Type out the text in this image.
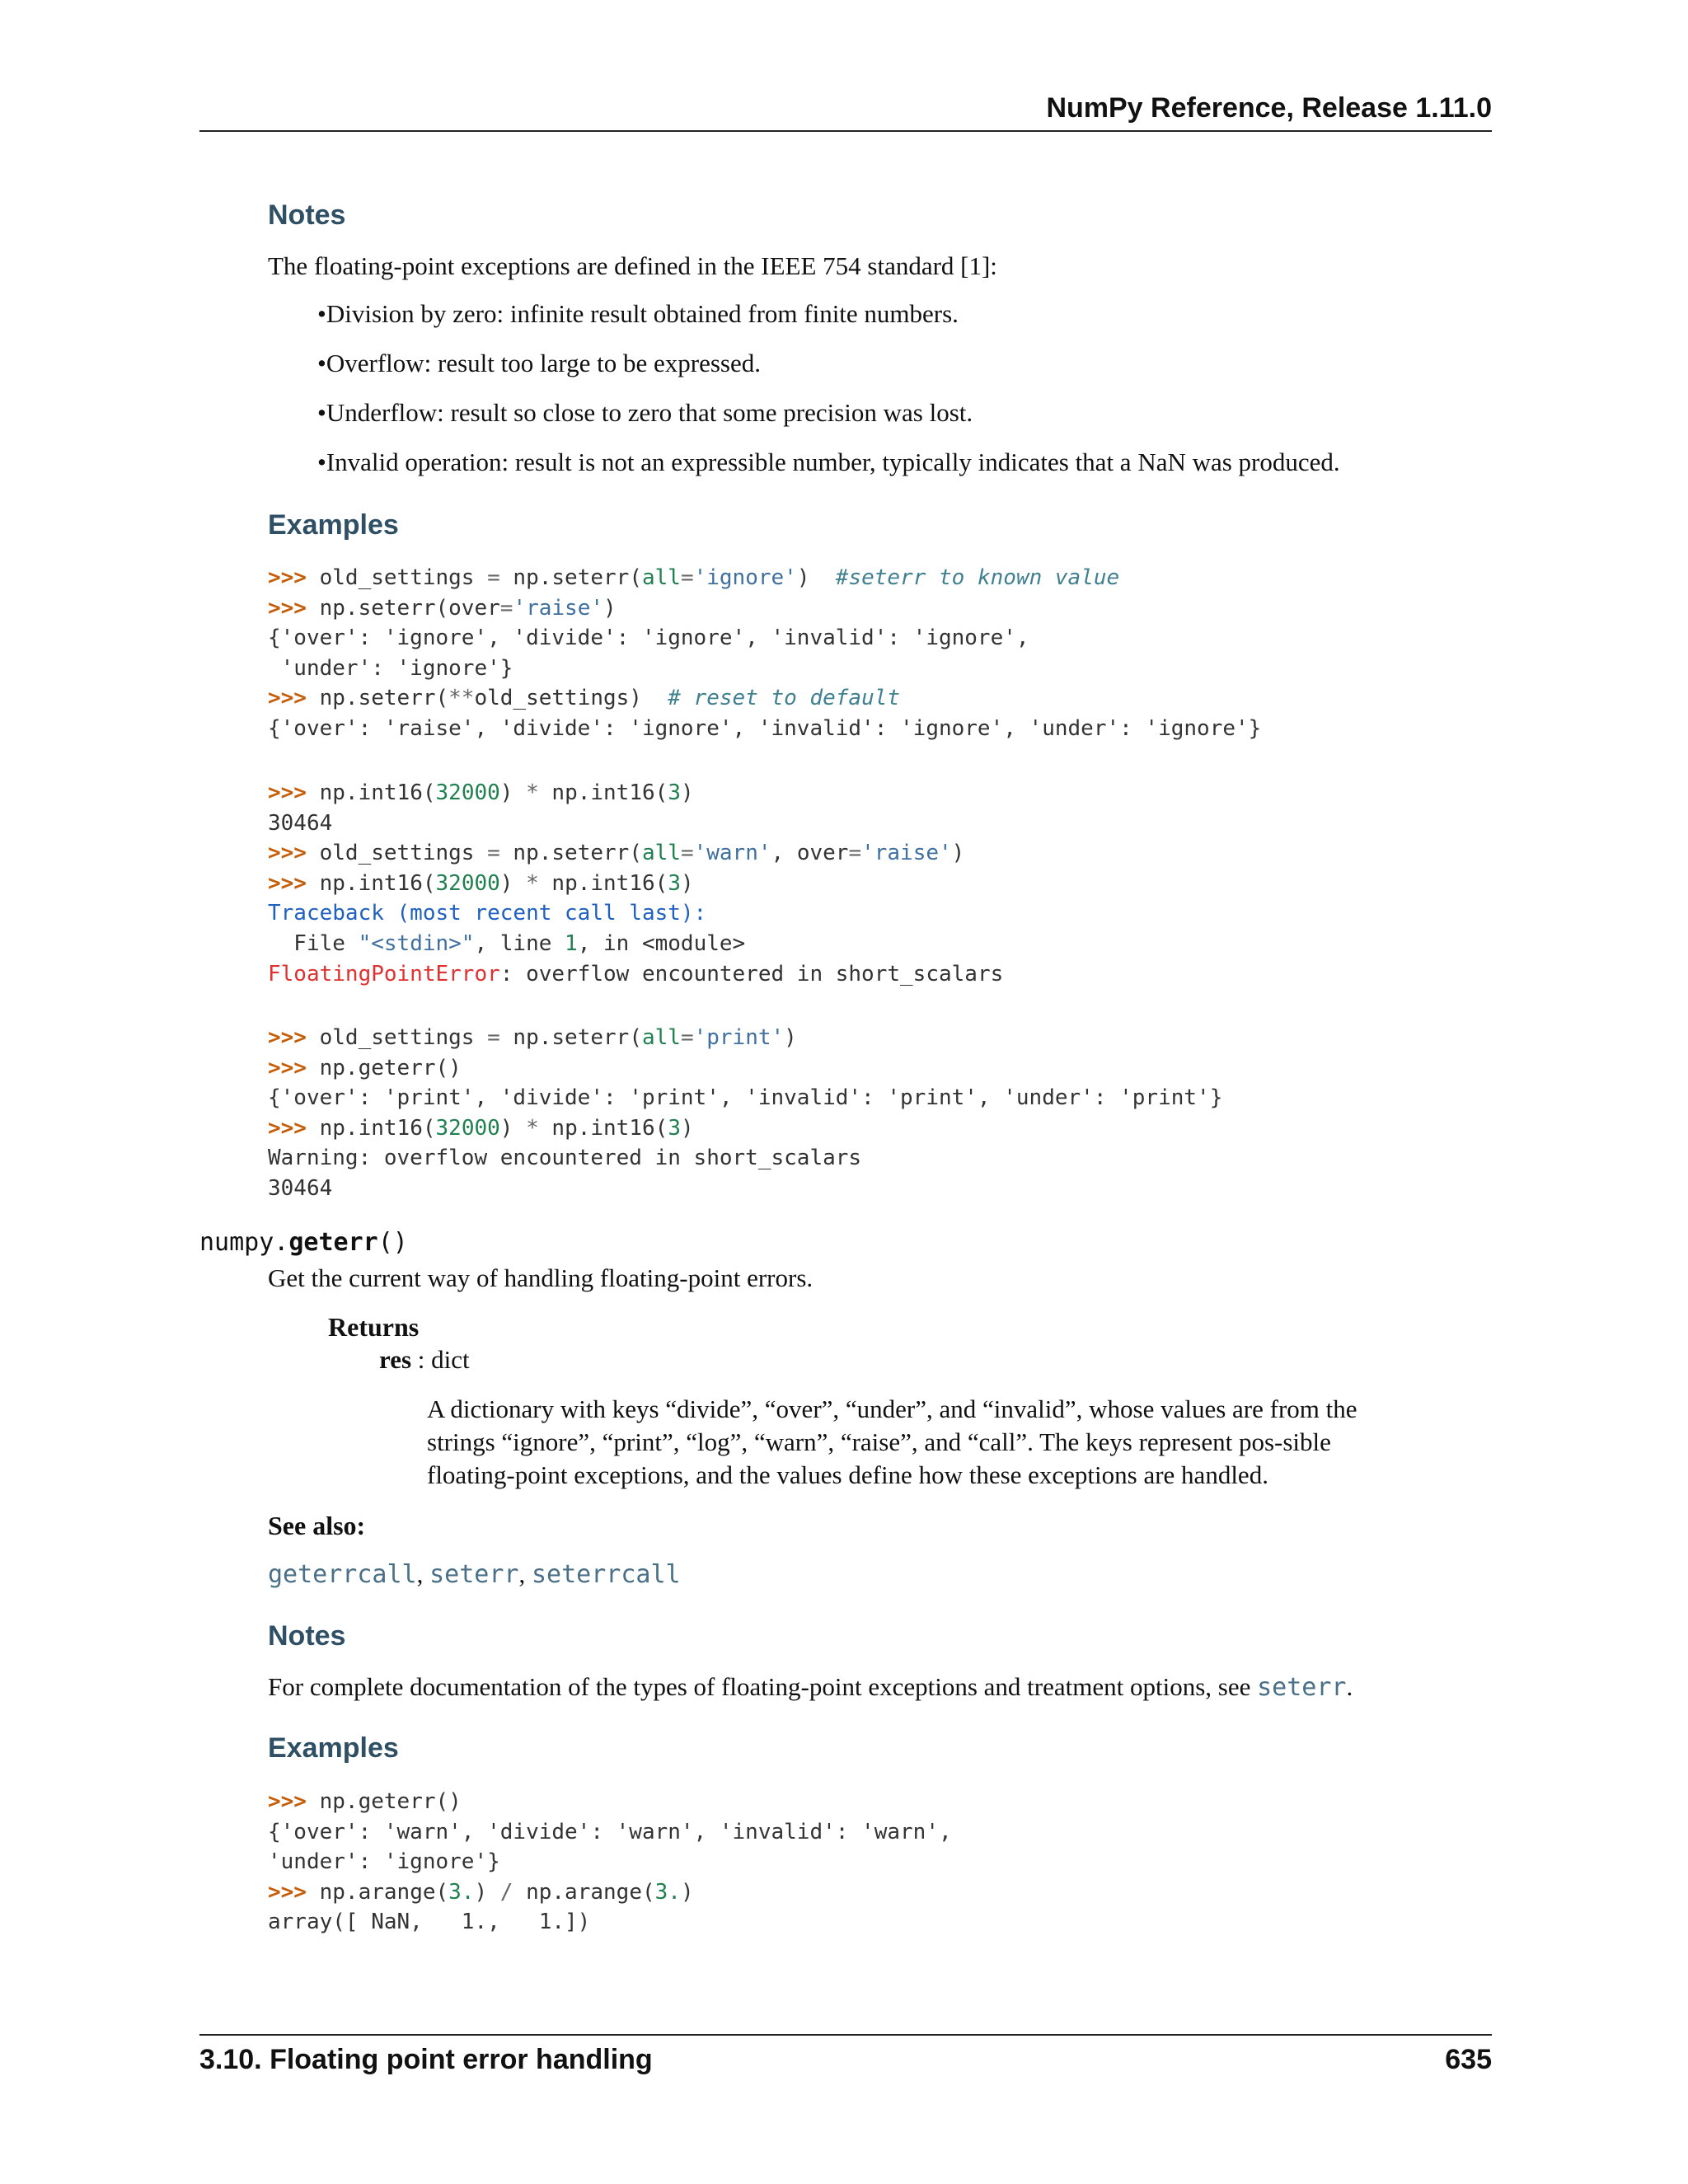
NumPy Reference, Release 1.11.0
Notes
The floating-point exceptions are defined in the IEEE 754 standard [1]:
•Division by zero: infinite result obtained from finite numbers.
•Overflow: result too large to be expressed.
•Underflow: result so close to zero that some precision was lost.
•Invalid operation: result is not an expressible number, typically indicates that a NaN was produced.
Examples
>>> old_settings = np.seterr(all='ignore')  #seterr to known value
>>> np.seterr(over='raise')
{'over': 'ignore', 'divide': 'ignore', 'invalid': 'ignore',
'under': 'ignore'}
>>> np.seterr(**old_settings)  # reset to default
{'over': 'raise', 'divide': 'ignore', 'invalid': 'ignore', 'under': 'ignore'}
>>> np.int16(32000) * np.int16(3)
30464
>>> old_settings = np.seterr(all='warn', over='raise')
>>> np.int16(32000) * np.int16(3)
Traceback (most recent call last):
File "<stdin>", line 1, in <module>
FloatingPointError: overflow encountered in short_scalars
>>> old_settings = np.seterr(all='print')
>>> np.geterr()
{'over': 'print', 'divide': 'print', 'invalid': 'print', 'under': 'print'}
>>> np.int16(32000) * np.int16(3)
Warning: overflow encountered in short_scalars
30464
numpy.geterr()
Get the current way of handling floating-point errors.
Returns
res : dict
A dictionary with keys “divide”, “over”, “under”, and “invalid”, whose values are from the strings “ignore”, “print”, “log”, “warn”, “raise”, and “call”. The keys represent pos-sible floating-point exceptions, and the values define how these exceptions are handled.
See also:
geterrcall, seterr, seterrcall
Notes
For complete documentation of the types of floating-point exceptions and treatment options, see seterr.
Examples
>>> np.geterr()
{'over': 'warn', 'divide': 'warn', 'invalid': 'warn',
'under': 'ignore'}
>>> np.arange(3.) / np.arange(3.)
array([ NaN,   1.,   1.])
3.10. Floating point error handling	635
